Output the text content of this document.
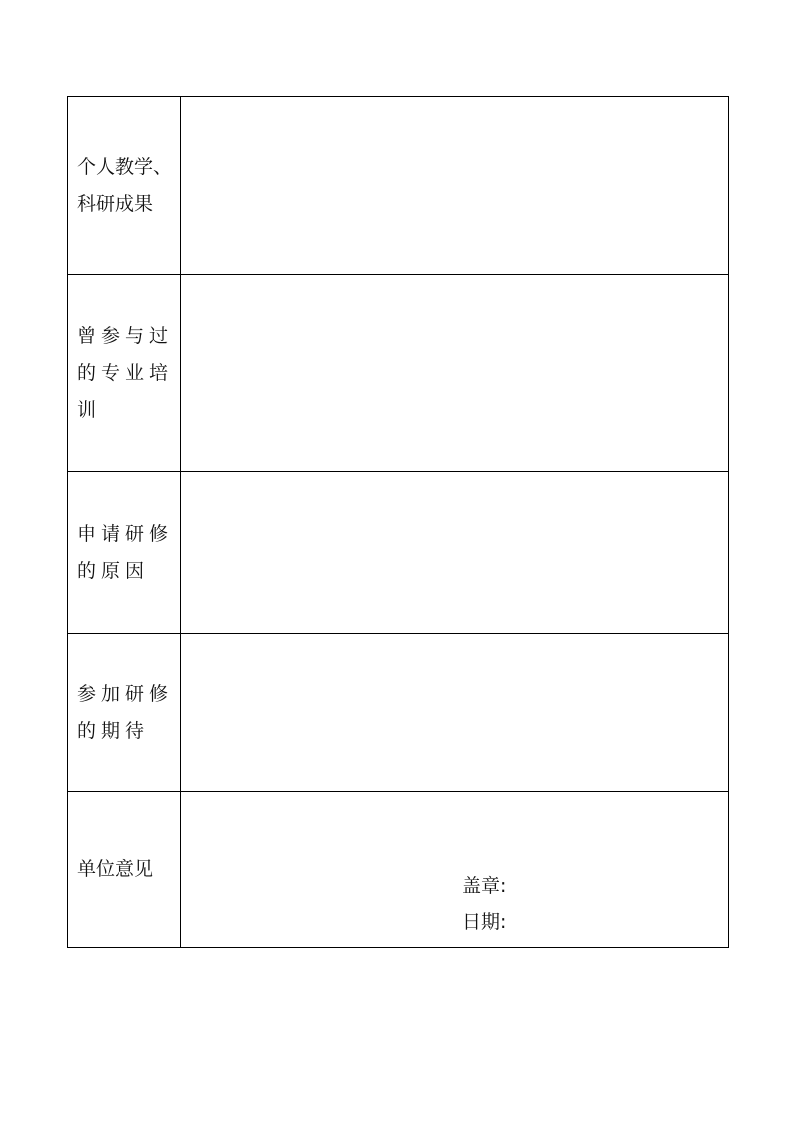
个人教学、科研成果	

曾参与过的专业培训	

申请研修的原因	

参加研修的期待	

单位意见	盖章:
日期:
